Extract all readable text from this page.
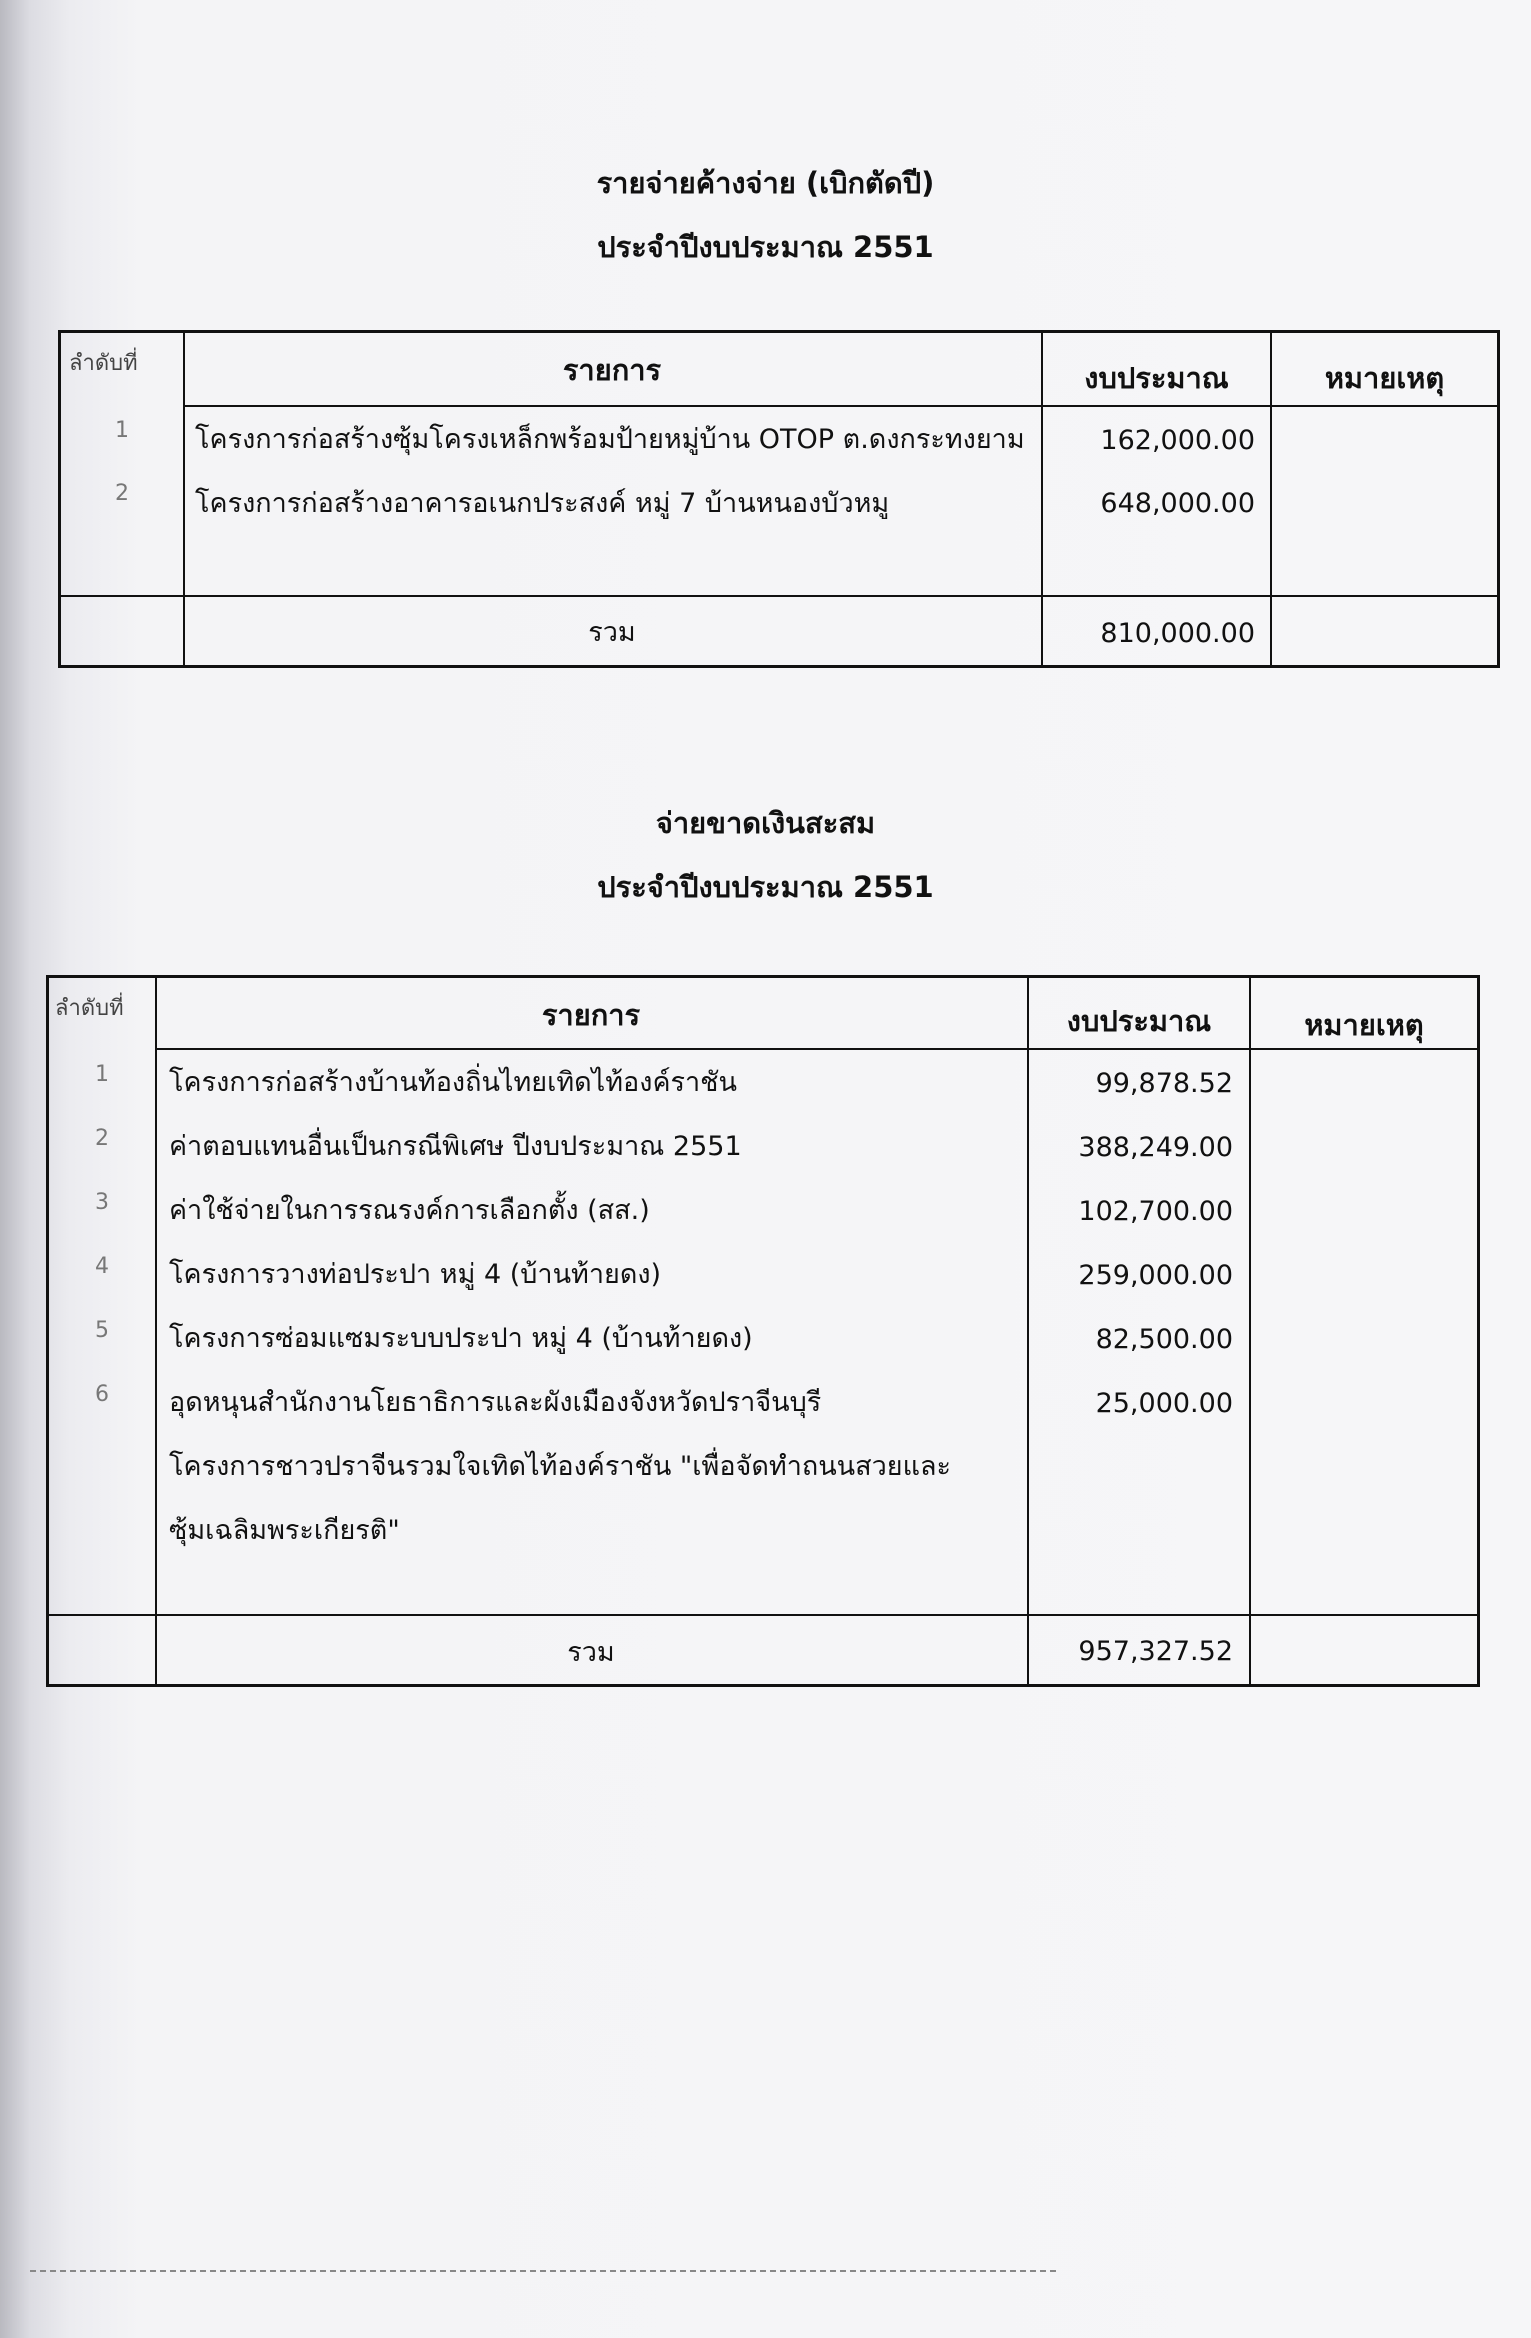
รายจ่ายค้างจ่าย (เบิกตัดปี)
ประจำปีงบประมาณ 2551
ลำดับที่	รายการ	งบประมาณ	หมายเหตุ
1	โครงการก่อสร้างซุ้มโครงเหล็กพร้อมป้ายหมู่บ้าน OTOP ต.ดงกระทงยาม	162,000.00
2	โครงการก่อสร้างอาคารอเนกประสงค์ หมู่ 7 บ้านหนองบัวหมู	648,000.00
รวม	810,000.00
จ่ายขาดเงินสะสม
ประจำปีงบประมาณ 2551
ลำดับที่	รายการ	งบประมาณ	หมายเหตุ
1	โครงการก่อสร้างบ้านท้องถิ่นไทยเทิดไท้องค์ราชัน	99,878.52
2	ค่าตอบแทนอื่นเป็นกรณีพิเศษ ปีงบประมาณ 2551	388,249.00
3	ค่าใช้จ่ายในการรณรงค์การเลือกตั้ง (สส.)	102,700.00
4	โครงการวางท่อประปา หมู่ 4 (บ้านท้ายดง)	259,000.00
5	โครงการซ่อมแซมระบบประปา หมู่ 4 (บ้านท้ายดง)	82,500.00
6	อุดหนุนสำนักงานโยธาธิการและผังเมืองจังหวัดปราจีนบุรี	25,000.00
โครงการชาวปราจีนรวมใจเทิดไท้องค์ราชัน "เพื่อจัดทำถนนสวยและ
ซุ้มเฉลิมพระเกียรติ"
รวม	957,327.52
